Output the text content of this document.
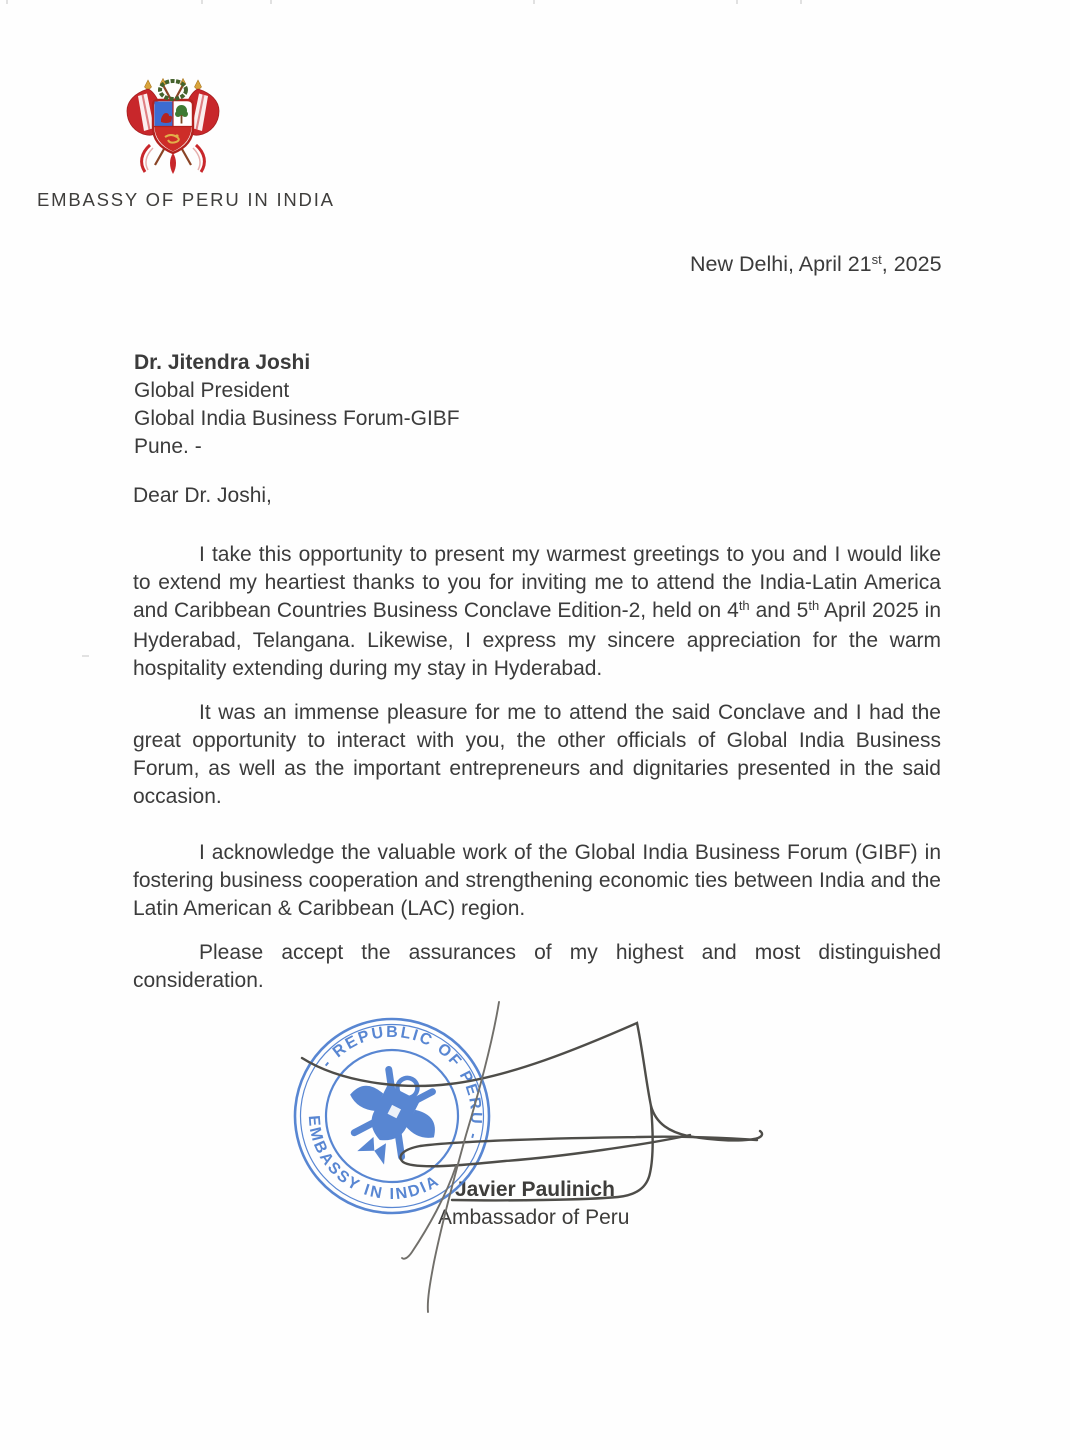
EMBASSY OF PERU IN INDIA
New Delhi, April 21st, 2025
Dr. Jitendra Joshi
Global President
Global India Business Forum-GIBF
Pune. -
Dear Dr. Joshi,

I take this opportunity to present my warmest greetings to you and I would like to extend my heartiest thanks to you for inviting me to attend the India-Latin America and Caribbean Countries Business Conclave Edition-2, held on 4th and 5th April 2025 in Hyderabad, Telangana. Likewise, I express my sincere appreciation for the warm hospitality extending during my stay in Hyderabad.

It was an immense pleasure for me to attend the said Conclave and I had the great opportunity to interact with you, the other officials of Global India Business Forum, as well as the important entrepreneurs and dignitaries presented in the said occasion.

I acknowledge the valuable work of the Global India Business Forum (GIBF) in fostering business cooperation and strengthening economic ties between India and the Latin American & Caribbean (LAC) region.

Please accept the assurances of my highest and most distinguished consideration.

Javier Paulinich
Ambassador of Peru
- REPUBLIC OF PERU -
EMBASSY IN INDIA
